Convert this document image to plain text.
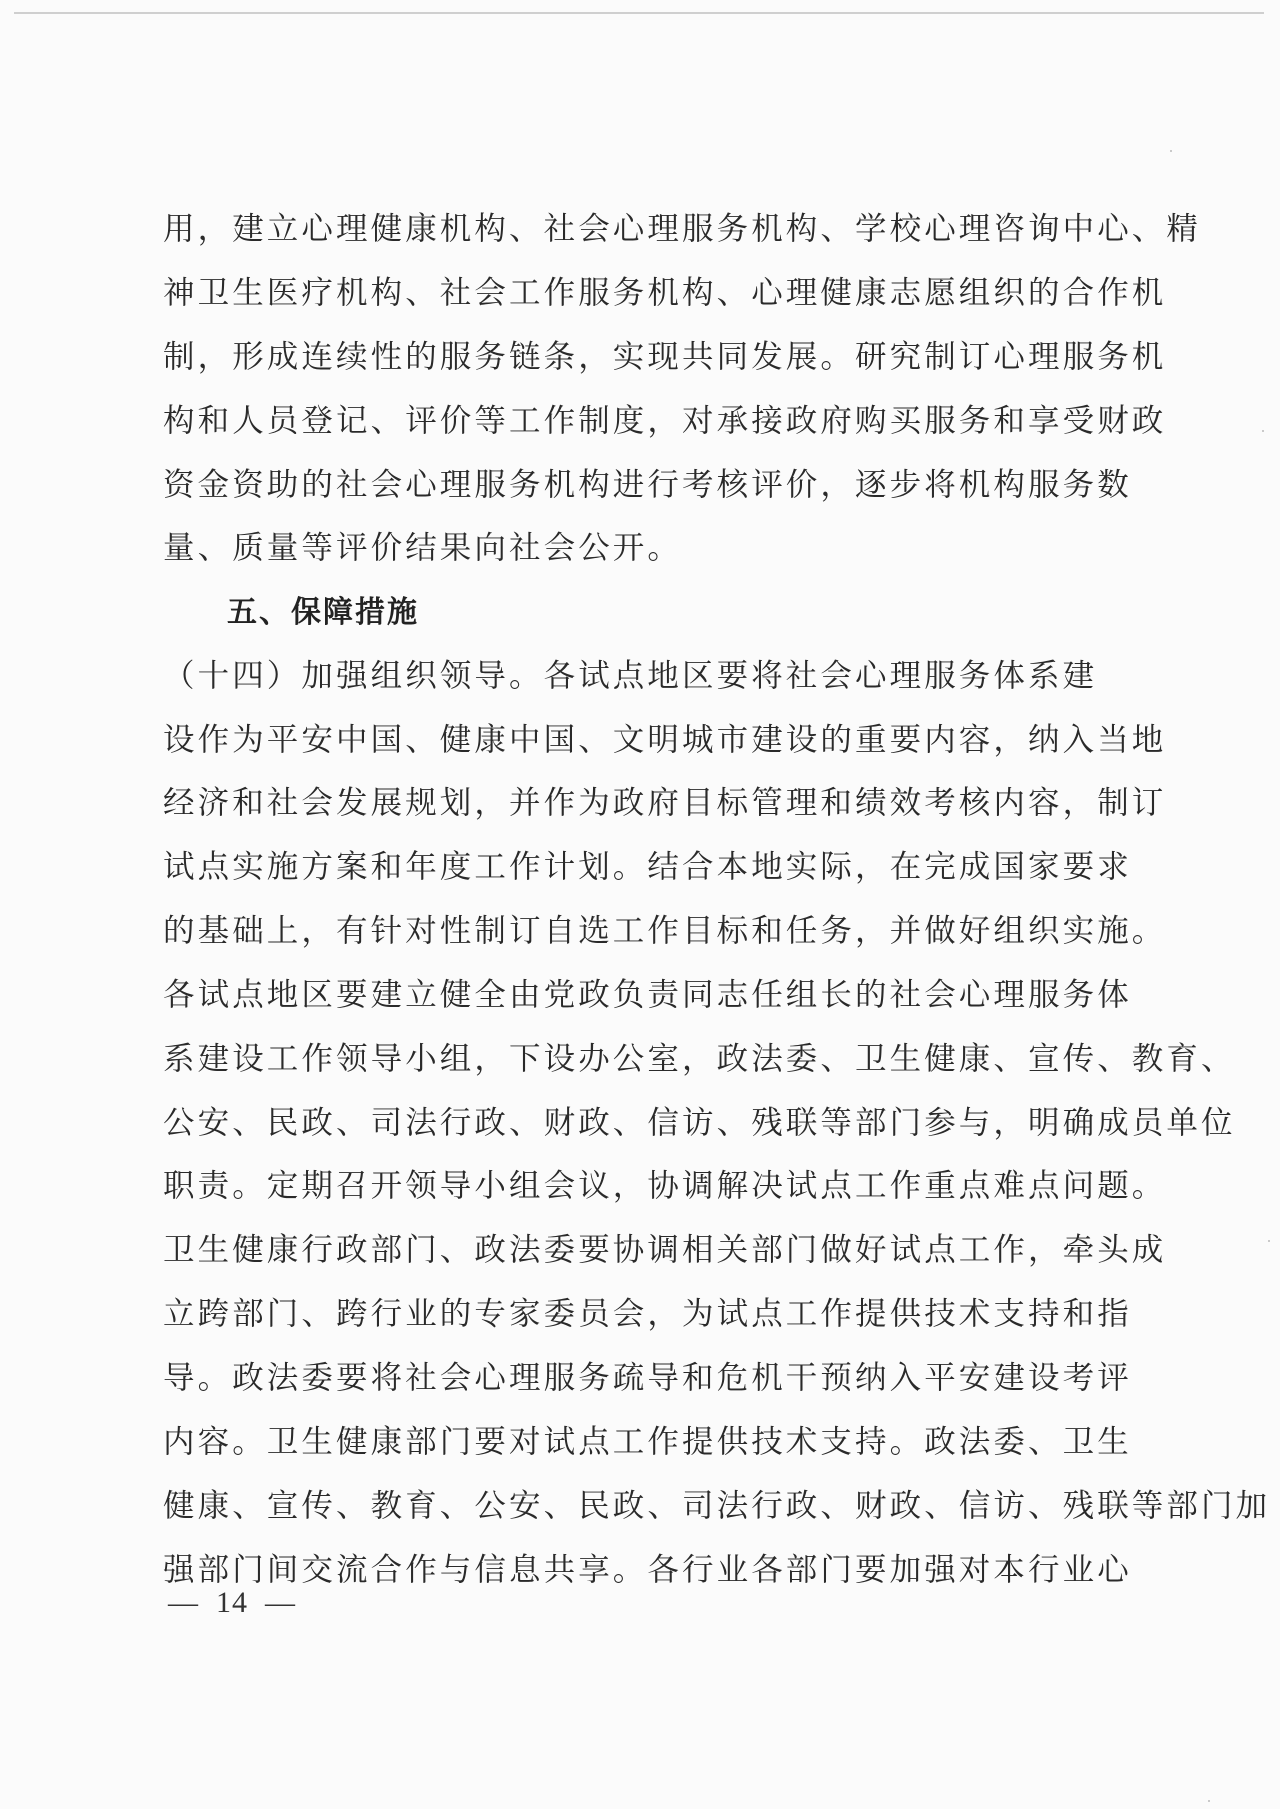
用，建立心理健康机构、社会心理服务机构、学校心理咨询中心、精
神卫生医疗机构、社会工作服务机构、心理健康志愿组织的合作机
制，形成连续性的服务链条，实现共同发展。研究制订心理服务机
构和人员登记、评价等工作制度，对承接政府购买服务和享受财政
资金资助的社会心理服务机构进行考核评价，逐步将机构服务数
量、质量等评价结果向社会公开。
五、保障措施
（十四）加强组织领导。各试点地区要将社会心理服务体系建
设作为平安中国、健康中国、文明城市建设的重要内容，纳入当地
经济和社会发展规划，并作为政府目标管理和绩效考核内容，制订
试点实施方案和年度工作计划。结合本地实际，在完成国家要求
的基础上，有针对性制订自选工作目标和任务，并做好组织实施。
各试点地区要建立健全由党政负责同志任组长的社会心理服务体
系建设工作领导小组，下设办公室，政法委、卫生健康、宣传、教育、
公安、民政、司法行政、财政、信访、残联等部门参与，明确成员单位
职责。定期召开领导小组会议，协调解决试点工作重点难点问题。
卫生健康行政部门、政法委要协调相关部门做好试点工作，牵头成
立跨部门、跨行业的专家委员会，为试点工作提供技术支持和指
导。政法委要将社会心理服务疏导和危机干预纳入平安建设考评
内容。卫生健康部门要对试点工作提供技术支持。政法委、卫生
健康、宣传、教育、公安、民政、司法行政、财政、信访、残联等部门加
强部门间交流合作与信息共享。各行业各部门要加强对本行业心
—  14  —
